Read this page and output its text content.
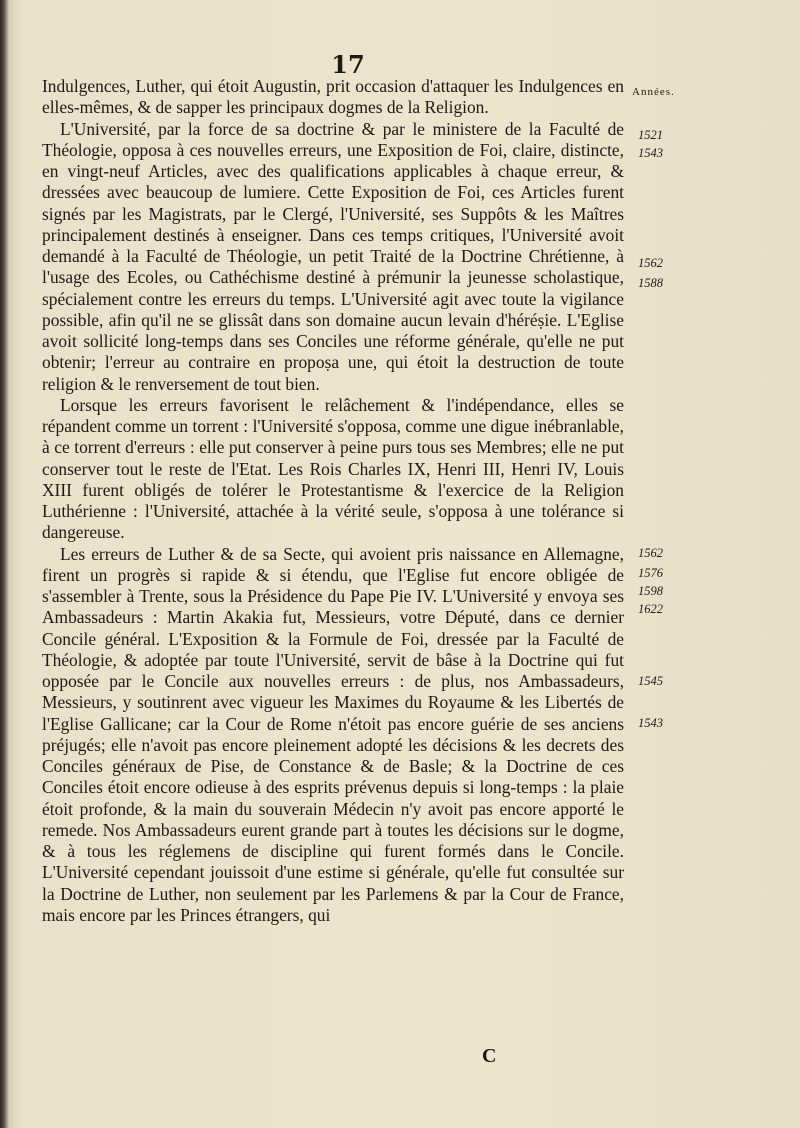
17

Indulgences, Luther, qui étoit Augustin, prit occasion d'attaquer les Indulgences en elles-mêmes, & de sapper les principaux dogmes de la Religion.

L'Université, par la force de sa doctrine & par le ministere de la Faculté de Théologie, opposa à ces nouvelles erreurs, une Exposition de Foi, claire, distincte, en vingt-neuf Articles, avec des qualifications applicables à chaque erreur, & dressées avec beaucoup de lumiere. Cette Exposition de Foi, ces Articles furent signés par les Magistrats, par le Clergé, l'Université, ses Suppôts & les Maîtres principalement destinés à enseigner. Dans ces temps critiques, l'Université avoit demandé à la Faculté de Théologie, un petit Traité de la Doctrine Chrétienne, à l'usage des Ecoles, ou Cathéchisme destiné à prémunir la jeunesse scholastique, spécialement contre les erreurs du temps. L'Université agit avec toute la vigilance possible, afin qu'il ne se glissât dans son domaine aucun levain d'héréṣie. L'Eglise avoit sollicité long-temps dans ses Conciles une réforme générale, qu'elle ne put obtenir; l'erreur au contraire en propoṣa une, qui étoit la destruction de toute religion & le renversement de tout bien.

Lorsque les erreurs favorisent le relâchement & l'indépendance, elles se répandent comme un torrent : l'Université s'opposa, comme une digue inébranlable, à ce torrent d'erreurs : elle put conserver à peine purs tous ses Membres; elle ne put conserver tout le reste de l'Etat. Les Rois Charles IX, Henri III, Henri IV, Louis XIII furent obligés de tolérer le Protestantisme & l'exercice de la Religion Luthérienne : l'Université, attachée à la vérité seule, s'opposa à une tolérance si dangereuse.

Les erreurs de Luther & de sa Secte, qui avoient pris naissance en Allemagne, firent un progrès si rapide & si étendu, que l'Eglise fut encore obligée de s'assembler à Trente, sous la Présidence du Pape Pie IV. L'Université y envoya ses Ambassadeurs : Martin Akakia fut, Messieurs, votre Député, dans ce dernier Concile général. L'Exposition & la Formule de Foi, dressée par la Faculté de Théologie, & adoptée par toute l'Université, servit de bâse à la Doctrine qui fut opposée par le Concile aux nouvelles erreurs : de plus, nos Ambassadeurs, Messieurs, y soutinrent avec vigueur les Maximes du Royaume & les Libertés de l'Eglise Gallicane; car la Cour de Rome n'étoit pas encore guérie de ses anciens préjugés; elle n'avoit pas encore pleinement adopté les décisions & les decrets des Conciles généraux de Pise, de Constance & de Basle; & la Doctrine de ces Conciles étoit encore odieuse à des esprits prévenus depuis si long-temps : la plaie étoit profonde, & la main du souverain Médecin n'y avoit pas encore apporté le remede. Nos Ambassadeurs eurent grande part à toutes les décisions sur le dogme, & à tous les réglemens de discipline qui furent formés dans le Concile. L'Université cependant jouissoit d'une estime si générale, qu'elle fut consultée sur la Doctrine de Luther, non seulement par les Parlemens & par la Cour de France, mais encore par les Princes étrangers, qui

Années.
1521
1543
1562
1588
1562
1576
1598
1622
1545
1543
C
